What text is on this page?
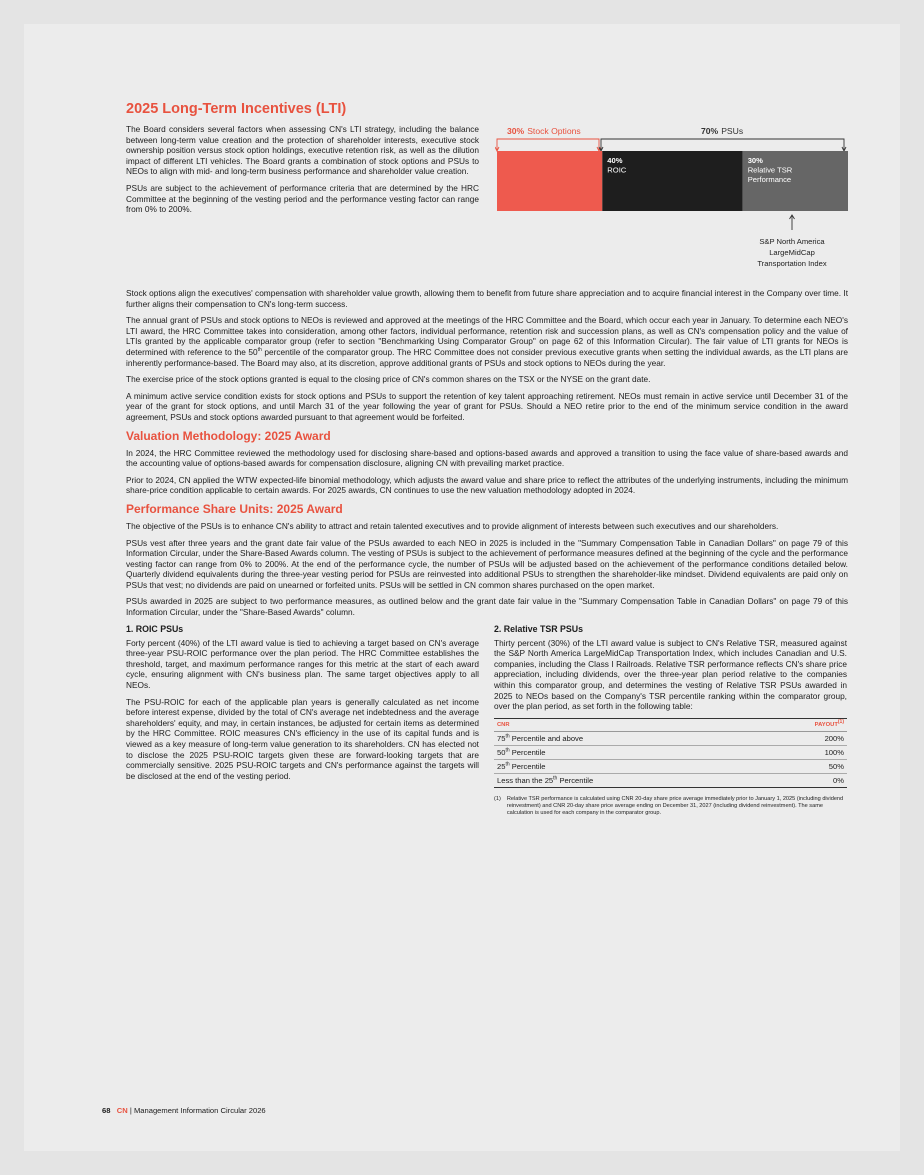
2025 Long-Term Incentives (LTI)

The Board considers several factors when assessing CN's LTI strategy, including the balance between long-term value creation and the protection of shareholder interests, executive stock ownership position versus stock option holdings, executive retention risk, as well as the dilution impact of different LTI vehicles. The Board grants a combination of stock options and PSUs to NEOs to align with mid- and long-term business performance and shareholder value creation.

PSUs are subject to the achievement of performance criteria that are determined by the HRC Committee at the beginning of the vesting period and the performance vesting factor can range from 0% to 200%.

30% Stock Options	70% PSUs
40% ROIC
30% Relative TSR Performance
S&P North America
LargeMidCap
Transportation Index

Stock options align the executives' compensation with shareholder value growth, allowing them to benefit from future share appreciation and to acquire financial interest in the Company over time. It further aligns their compensation to CN's long-term success.

The annual grant of PSUs and stock options to NEOs is reviewed and approved at the meetings of the HRC Committee and the Board, which occur each year in January. To determine each NEO's LTI award, the HRC Committee takes into consideration, among other factors, individual performance, retention risk and succession plans, as well as CN's compensation policy and the value of LTIs granted by the applicable comparator group (refer to section "Benchmarking Using Comparator Group" on page 62 of this Information Circular). The fair value of LTI grants for NEOs is determined with reference to the 50th percentile of the comparator group. The HRC Committee does not consider previous executive grants when setting the individual awards, as the LTI plans are inherently performance-based. The Board may also, at its discretion, approve additional grants of PSUs and stock options to NEOs during the year.

The exercise price of the stock options granted is equal to the closing price of CN's common shares on the TSX or the NYSE on the grant date.

A minimum active service condition exists for stock options and PSUs to support the retention of key talent approaching retirement. NEOs must remain in active service until December 31 of the year of the grant for stock options, and until March 31 of the year following the year of grant for PSUs. Should a NEO retire prior to the end of the minimum service condition in the award agreement, PSUs and stock options awarded pursuant to that agreement would be forfeited.

Valuation Methodology: 2025 Award

In 2024, the HRC Committee reviewed the methodology used for disclosing share-based and options-based awards and approved a transition to using the face value of share-based awards and the accounting value of options-based awards for compensation disclosure, aligning CN with prevailing market practice.

Prior to 2024, CN applied the WTW expected-life binomial methodology, which adjusts the award value and share price to reflect the attributes of the underlying instruments, including the minimum share-price condition applicable to certain awards. For 2025 awards, CN continues to use the new valuation methodology adopted in 2024.

Performance Share Units: 2025 Award

The objective of the PSUs is to enhance CN's ability to attract and retain talented executives and to provide alignment of interests between such executives and our shareholders.

PSUs vest after three years and the grant date fair value of the PSUs awarded to each NEO in 2025 is included in the "Summary Compensation Table in Canadian Dollars" on page 79 of this Information Circular, under the Share-Based Awards column. The vesting of PSUs is subject to the achievement of performance measures defined at the beginning of the cycle and the performance vesting factor can range from 0% to 200%. At the end of the performance cycle, the number of PSUs will be adjusted based on the achievement of the performance conditions detailed below. Quarterly dividend equivalents during the three-year vesting period for PSUs are reinvested into additional PSUs to strengthen the shareholder-like mindset. Dividend equivalents are paid only on PSUs that vest; no dividends are paid on unearned or forfeited units. PSUs will be settled in CN common shares purchased on the open market.

PSUs awarded in 2025 are subject to two performance measures, as outlined below and the grant date fair value in the "Summary Compensation Table in Canadian Dollars" on page 79 of this Information Circular, under the "Share-Based Awards" column.

1. ROIC PSUs

Forty percent (40%) of the LTI award value is tied to achieving a target based on CN's average three-year PSU-ROIC performance over the plan period. The HRC Committee establishes the threshold, target, and maximum performance ranges for this metric at the start of each award cycle, ensuring alignment with CN's business plan. The same target objectives apply to all NEOs.

The PSU-ROIC for each of the applicable plan years is generally calculated as net income before interest expense, divided by the total of CN's average net indebtedness and the average shareholders' equity, and may, in certain instances, be adjusted for certain items as determined by the HRC Committee. ROIC measures CN's efficiency in the use of its capital funds and is viewed as a key measure of long-term value generation to its shareholders. CN has elected not to disclose the 2025 PSU-ROIC targets given these are forward-looking targets that are commercially sensitive. 2025 PSU-ROIC targets and CN's performance against the targets will be disclosed at the end of the vesting period.

2. Relative TSR PSUs

Thirty percent (30%) of the LTI award value is subject to CN's Relative TSR, measured against the S&P North America LargeMidCap Transportation Index, which includes Canadian and U.S. companies, including the Class I Railroads. Relative TSR performance reflects CN's share price appreciation, including dividends, over the three-year plan period relative to the companies within this comparator group, and determines the vesting of Relative TSR PSUs awarded in 2025 to NEOs based on the Company's TSR percentile ranking within the comparator group, over the plan period, as set forth in the following table:

CNR	PAYOUT$^{(1)}$
75th Percentile and above	200%
50th Percentile	100%
25th Percentile	50%
Less than the 25th Percentile	0%
(1) Relative TSR performance is calculated using CNR 20-day share price average immediately prior to January 1, 2025 (including dividend reinvestment) and CNR 20-day share price average ending on December 31, 2027 (including dividend reinvestment). The same calculation is used for each company in the comparator group.
68 CN | Management Information Circular 2026
